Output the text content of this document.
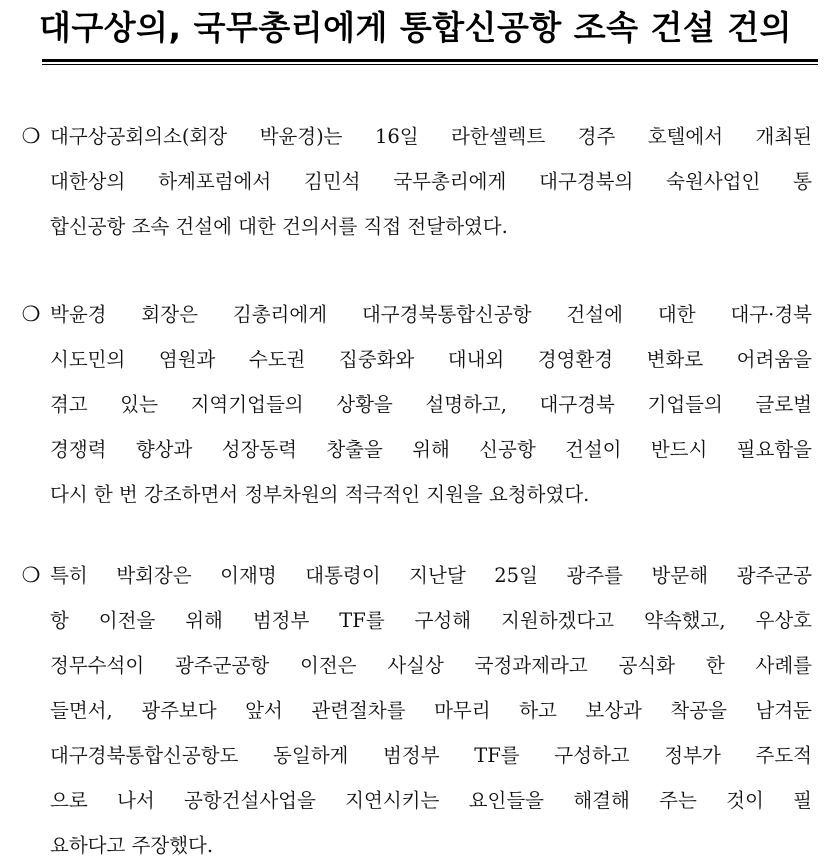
대구상의, 국무총리에게 통합신공항 조속 건설 건의
❍ 대구상공회의소(회장 박윤경)는 16일 라한셀렉트 경주 호텔에서 개최된
대한상의 하계포럼에서 김민석 국무총리에게 대구경북의 숙원사업인 통
합신공항 조속 건설에 대한 건의서를 직접 전달하였다.
❍ 박윤경 회장은 김총리에게 대구경북통합신공항 건설에 대한 대구·경북
시도민의 염원과 수도권 집중화와 대내외 경영환경 변화로 어려움을
겪고 있는 지역기업들의 상황을 설명하고, 대구경북 기업들의 글로벌
경쟁력 향상과 성장동력 창출을 위해 신공항 건설이 반드시 필요함을
다시 한 번 강조하면서 정부차원의 적극적인 지원을 요청하였다.
❍ 특히 박회장은 이재명 대통령이 지난달 25일 광주를 방문해 광주군공
항 이전을 위해 범정부 TF를 구성해 지원하겠다고 약속했고, 우상호
정무수석이 광주군공항 이전은 사실상 국정과제라고 공식화 한 사례를
들면서, 광주보다 앞서 관련절차를 마무리 하고 보상과 착공을 남겨둔
대구경북통합신공항도 동일하게 범정부 TF를 구성하고 정부가 주도적
으로 나서 공항건설사업을 지연시키는 요인들을 해결해 주는 것이 필
요하다고 주장했다.
